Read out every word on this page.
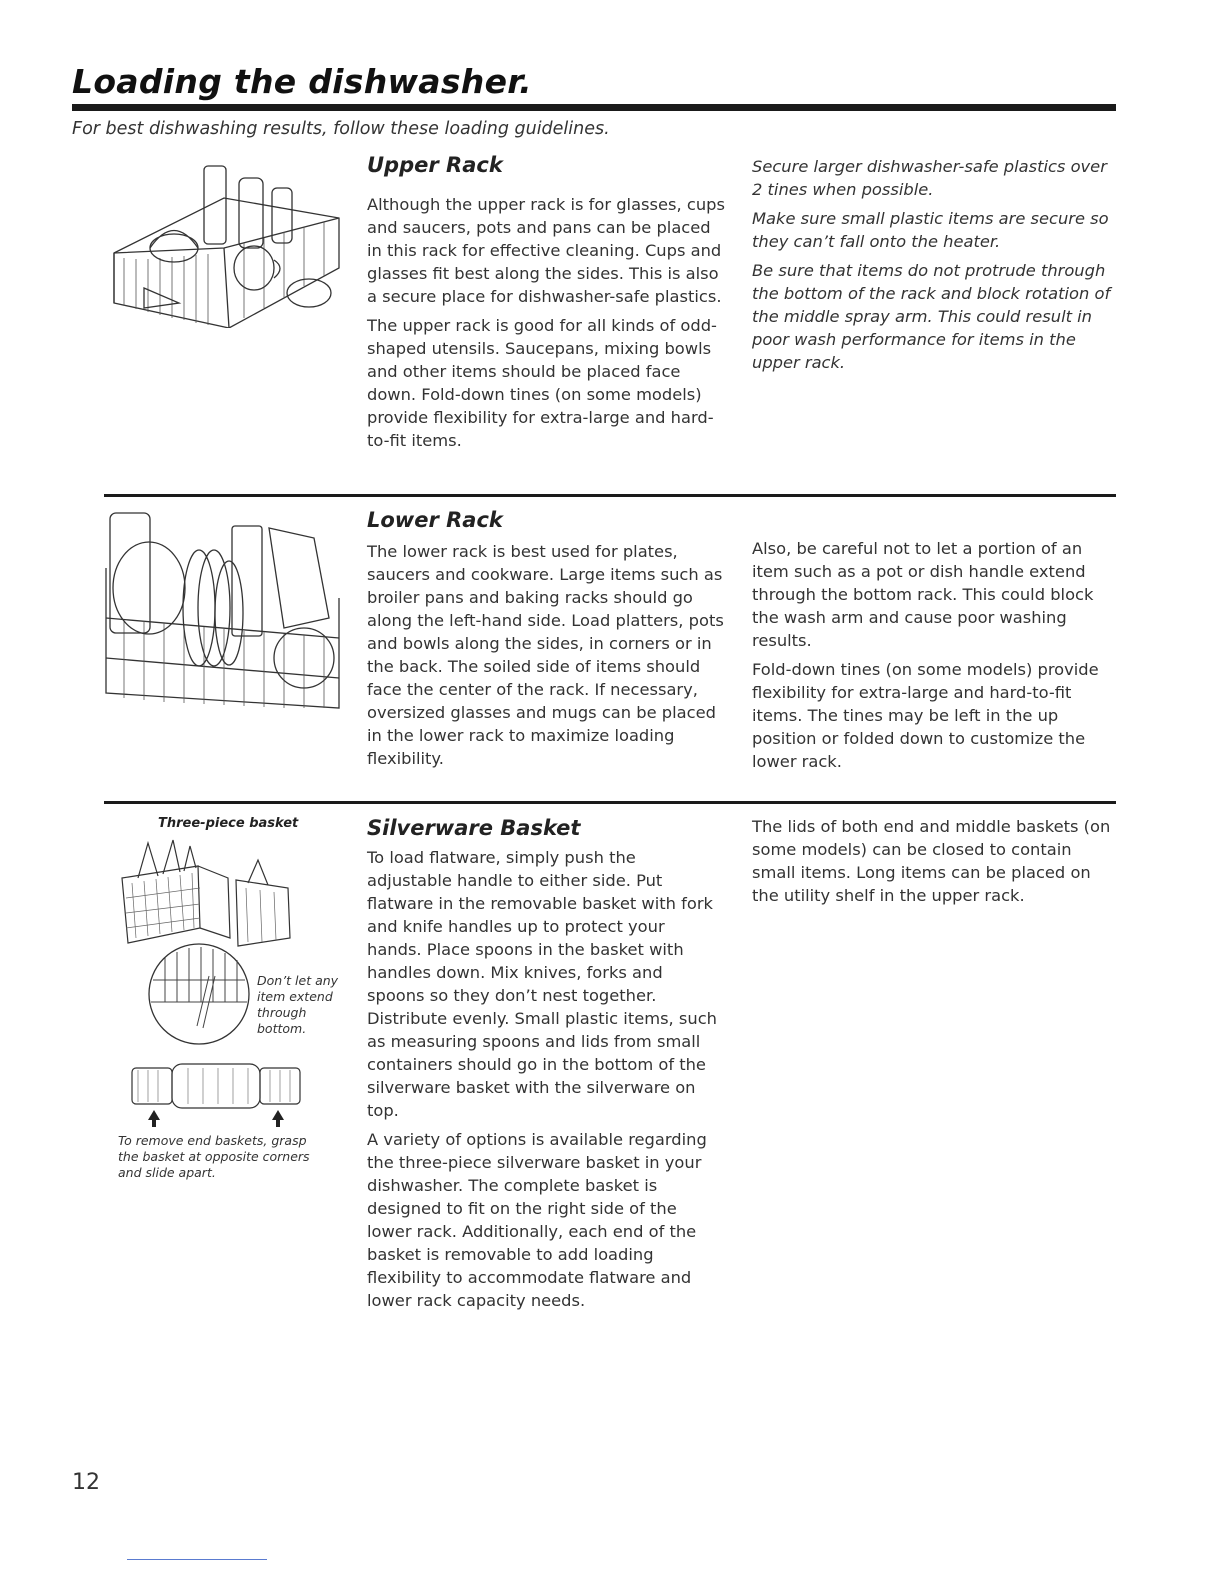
Loading the dishwasher.
For best dishwashing results, follow these loading guidelines.
Upper Rack

Although the upper rack is for glasses, cups and saucers, pots and pans can be placed in this rack for effective cleaning. Cups and glasses fit best along the sides. This is also a secure place for dishwasher-safe plastics.

The upper rack is good for all kinds of odd-shaped utensils. Saucepans, mixing bowls and other items should be placed face down. Fold-down tines (on some models) provide flexibility for extra-large and hard-to-fit items.

Secure larger dishwasher-safe plastics over 2 tines when possible.

Make sure small plastic items are secure so they can’t fall onto the heater.

Be sure that items do not protrude through the bottom of the rack and block rotation of the middle spray arm. This could result in poor wash performance for items in the upper rack.

Lower Rack

The lower rack is best used for plates, saucers and cookware. Large items such as broiler pans and baking racks should go along the left-hand side. Load platters, pots and bowls along the sides, in corners or in the back. The soiled side of items should face the center of the rack. If necessary, oversized glasses and mugs can be placed in the lower rack to maximize loading flexibility.

Also, be careful not to let a portion of an item such as a pot or dish handle extend through the bottom rack. This could block the wash arm and cause poor washing results.

Fold-down tines (on some models) provide flexibility for extra-large and hard-to-fit items. The tines may be left in the up position or folded down to customize the lower rack.

Three-piece basket
Don’t let any item extend through bottom.
To remove end baskets, grasp the basket at opposite corners and slide apart.
Silverware Basket

To load flatware, simply push the adjustable handle to either side. Put flatware in the removable basket with fork and knife handles up to protect your hands. Place spoons in the basket with handles down. Mix knives, forks and spoons so they don’t nest together. Distribute evenly. Small plastic items, such as measuring spoons and lids from small containers should go in the bottom of the silverware basket with the silverware on top.

A variety of options is available regarding the three-piece silverware basket in your dishwasher. The complete basket is designed to fit on the right side of the lower rack. Additionally, each end of the basket is removable to add loading flexibility to accommodate flatware and lower rack capacity needs.

The lids of both end and middle baskets (on some models) can be closed to contain small items. Long items can be placed on the utility shelf in the upper rack.

12
